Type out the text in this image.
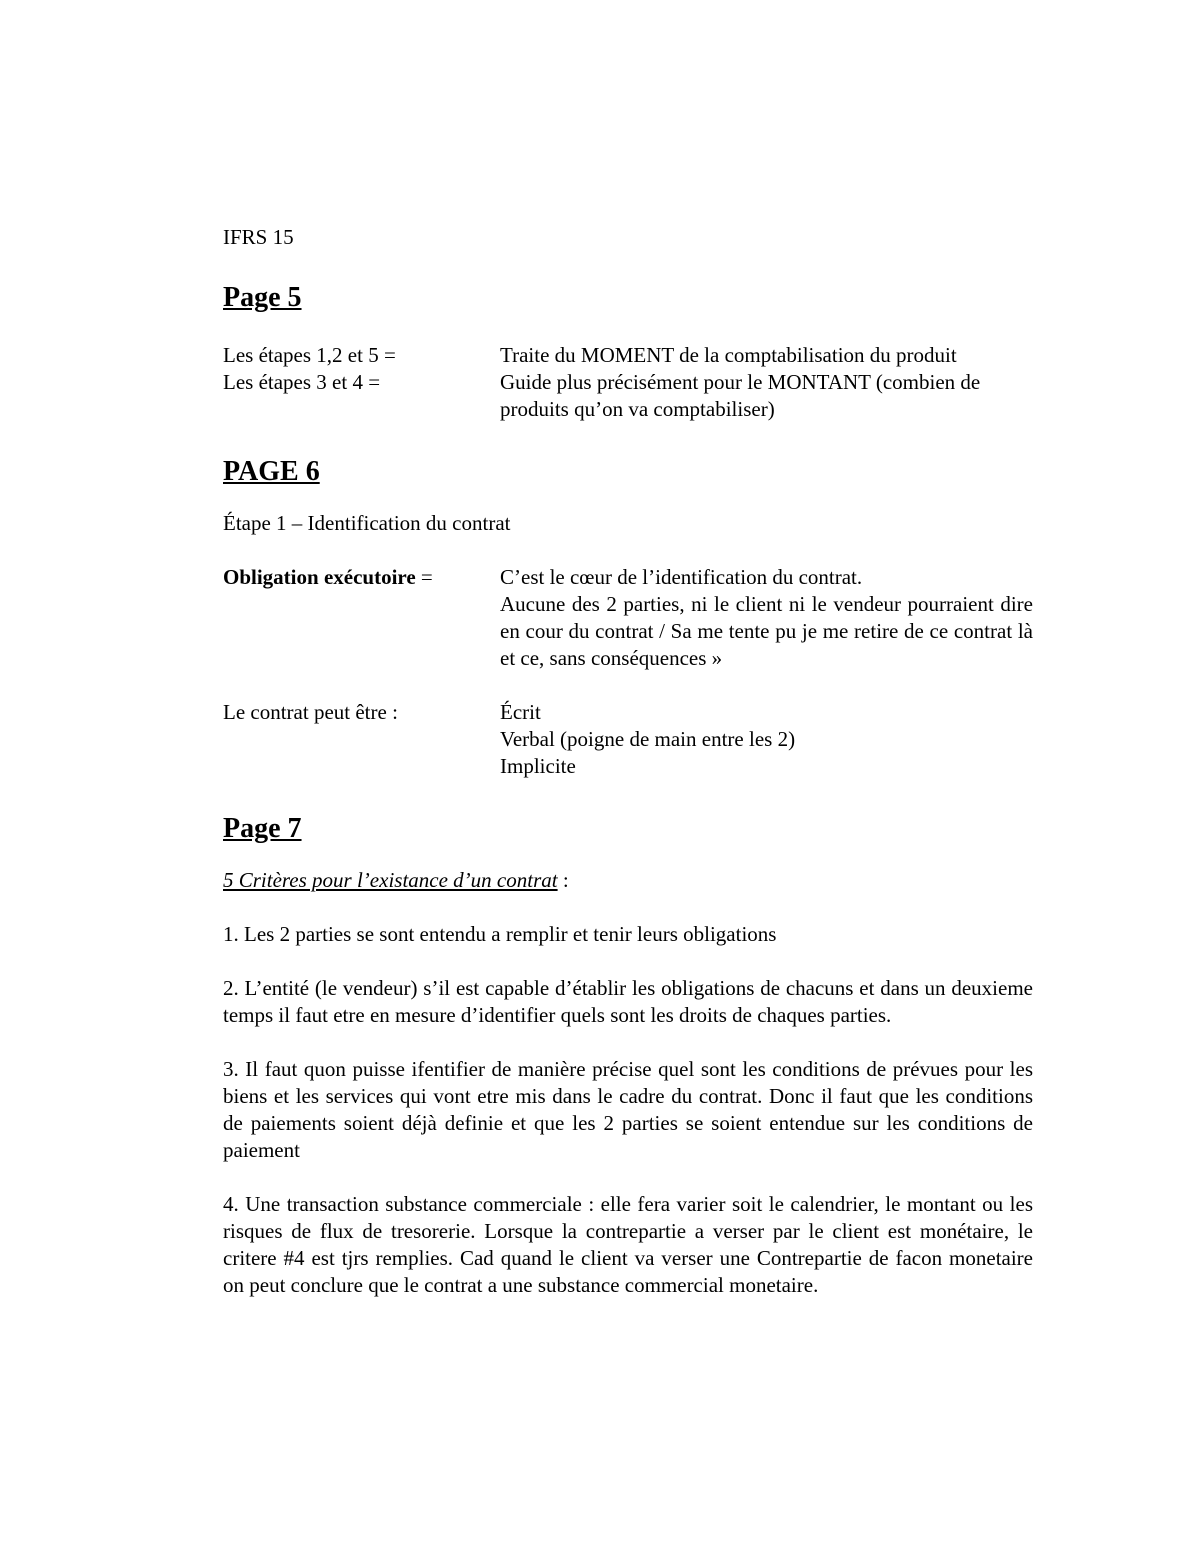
IFRS 15

Page 5
Les étapes 1,2 et 5 =	Traite du MOMENT de la comptabilisation du produit
Les étapes 3 et 4 =	Guide plus précisément pour le MONTANT (combien de produits qu’on va comptabiliser)
PAGE 6

Étape 1 – Identification du contrat

Obligation exécutoire =	C’est le cœur de l’identification du contrat.
Aucune des 2 parties, ni le client ni le vendeur pourraient dire en cour du contrat / Sa me tente pu je me retire de ce contrat là et ce, sans conséquences »
Le contrat peut être :	Écrit
Verbal (poigne de main entre les 2)
Implicite
Page 7

5 Critères pour l’existance d’un contrat :

1. Les 2 parties se sont entendu a remplir et tenir leurs obligations

2. L’entité (le vendeur) s’il est capable d’établir les obligations de chacuns et dans un deuxieme temps il faut etre en mesure d’identifier quels sont les droits de chaques parties.

3. Il faut quon puisse ifentifier de manière précise quel sont les conditions de prévues pour les biens et les services qui vont etre mis dans le cadre du contrat. Donc il faut que les conditions de paiements soient déjà definie et que les 2 parties se soient entendue sur les conditions de paiement

4. Une transaction substance commerciale : elle fera varier soit le calendrier, le montant ou les risques de flux de tresorerie. Lorsque la contrepartie a verser par le client est monétaire, le critere #4 est tjrs remplies. Cad quand le client va verser une Contrepartie de facon monetaire on peut conclure que le contrat a une substance commercial monetaire.
